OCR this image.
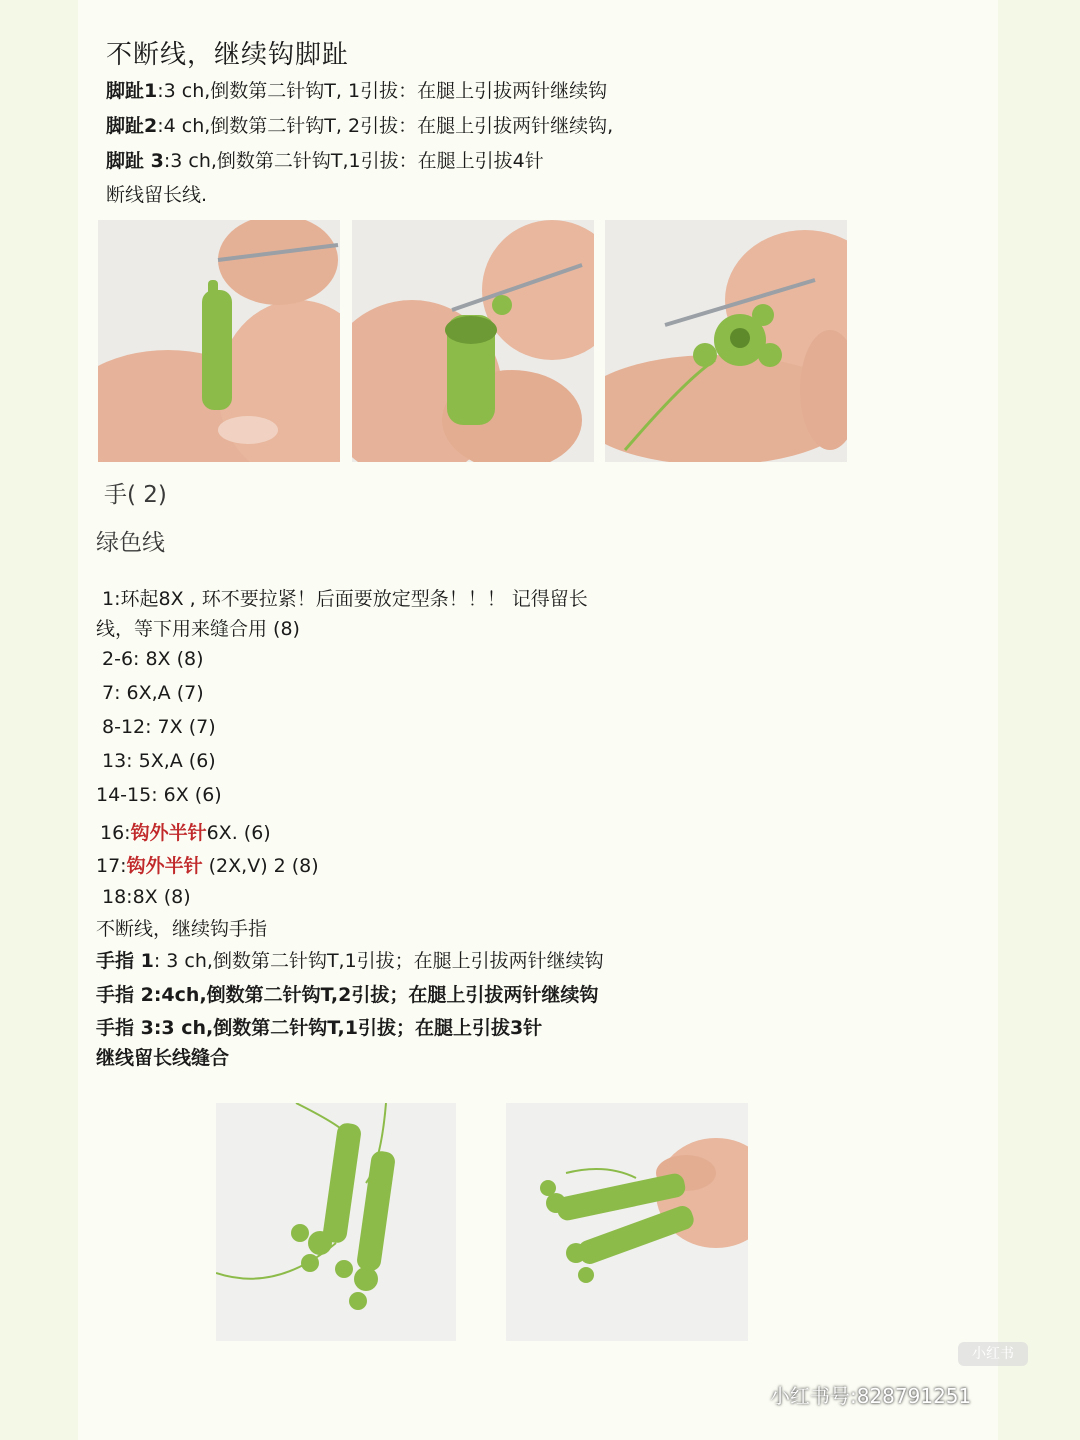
不断线，继续钩脚趾
脚趾1:3 ch,倒数第二针钩T, 1引拔：在腿上引拔两针继续钩
脚趾2:4 ch,倒数第二针钩T, 2引拔：在腿上引拔两针继续钩,
脚趾 3:3 ch,倒数第二针钩T,1引拔：在腿上引拔4针
断线留长线.
手( 2)
绿色线
1:环起8X , 环不要拉紧！后面要放定型条！！！ 记得留长
线，等下用来缝合用 (8)
2-6: 8X (8)
7: 6X,A (7)
8-12: 7X (7)
13: 5X,A (6)
14-15: 6X (6)
16:钩外半针6X. (6)
17:钩外半针 (2X,V) 2 (8)
18:8X (8)
不断线，继续钩手指
手指 1: 3 ch,倒数第二针钩T,1引拔；在腿上引拔两针继续钩
手指 2:4ch,倒数第二针钩T,2引拔；在腿上引拔两针继续钩
手指 3:3 ch,倒数第二针钩T,1引拔；在腿上引拔3针
继线留长线缝合
小红书
小红书号:828791251
